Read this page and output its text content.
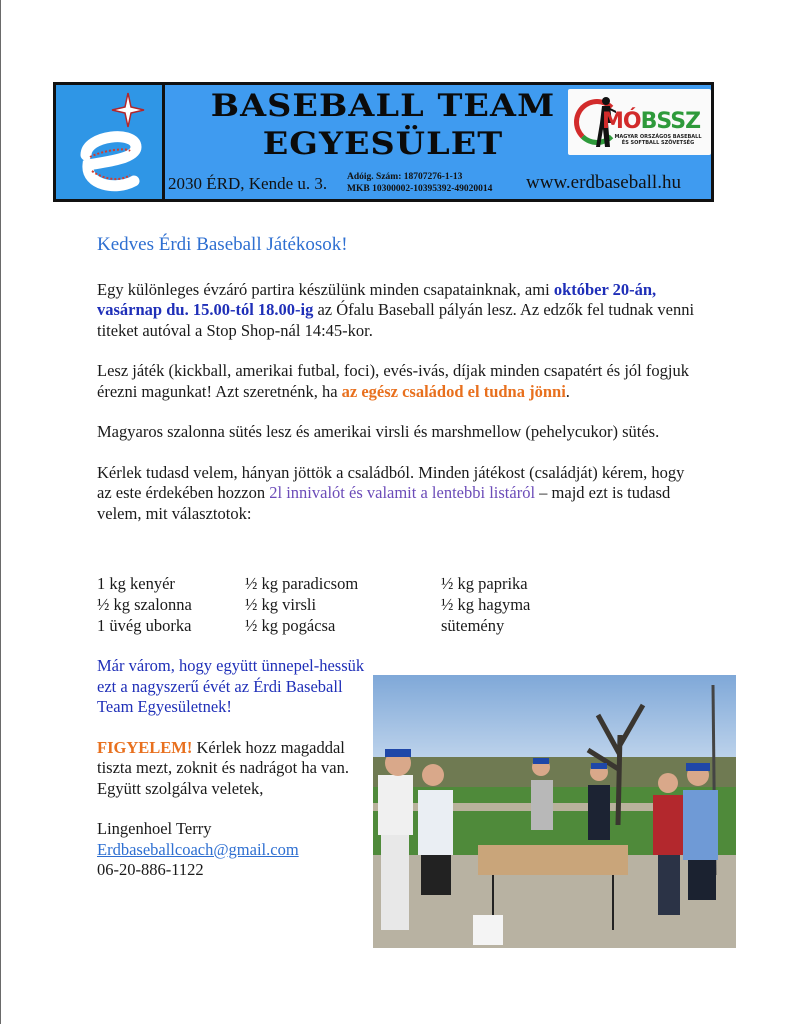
BASEBALL TEAM
EGYESÜLET
MÓBSSZ
MAGYAR ORSZÁGOS BASEBALL
ÉS SOFTBALL SZÖVETSÉG
2030 ÉRD, Kende u. 3. Adóig. Szám: 18707276-1-13
MKB 10300002-10395392-49020014 www.erdbaseball.hu

Kedves Érdi Baseball Játékosok!

Egy különleges évzáró partira készülünk minden csapatainknak, ami október 20-án, vasárnap du. 15.00-tól 18.00-ig az Ófalu Baseball pályán lesz. Az edzők fel tudnak venni titeket autóval a Stop Shop-nál 14:45-kor.

Lesz játék (kickball, amerikai futbal, foci), evés-ivás, díjak minden csapatért és jól fogjuk érezni magunkat! Azt szeretnénk, ha az egész családod el tudna jönni.

Magyaros szalonna sütés lesz és amerikai virsli és marshmellow (pehelycukor) sütés.

Kérlek tudasd velem, hányan jöttök a családból. Minden játékost (családját) kérem, hogy az este érdekében hozzon 2l innivalót és valamit a lentebbi listáról – majd ezt is tudasd velem, mit választotok:

1 kg kenyér	½ kg paradicsom	½ kg paprika
½ kg szalonna	½ kg virsli	½ kg hagyma
1 üvég uborka	½ kg pogácsa	sütemény
Már várom, hogy együtt ünnepel-hessük ezt a nagyszerű évét az Érdi Baseball Team Egyesületnek!
FIGYELEM! Kérlek hozz magaddal tiszta mezt, zoknit és nadrágot ha van.
Együtt szolgálva veletek,
Lingenhoel Terry
Erdbaseballcoach@gmail.com
06-20-886-1122
